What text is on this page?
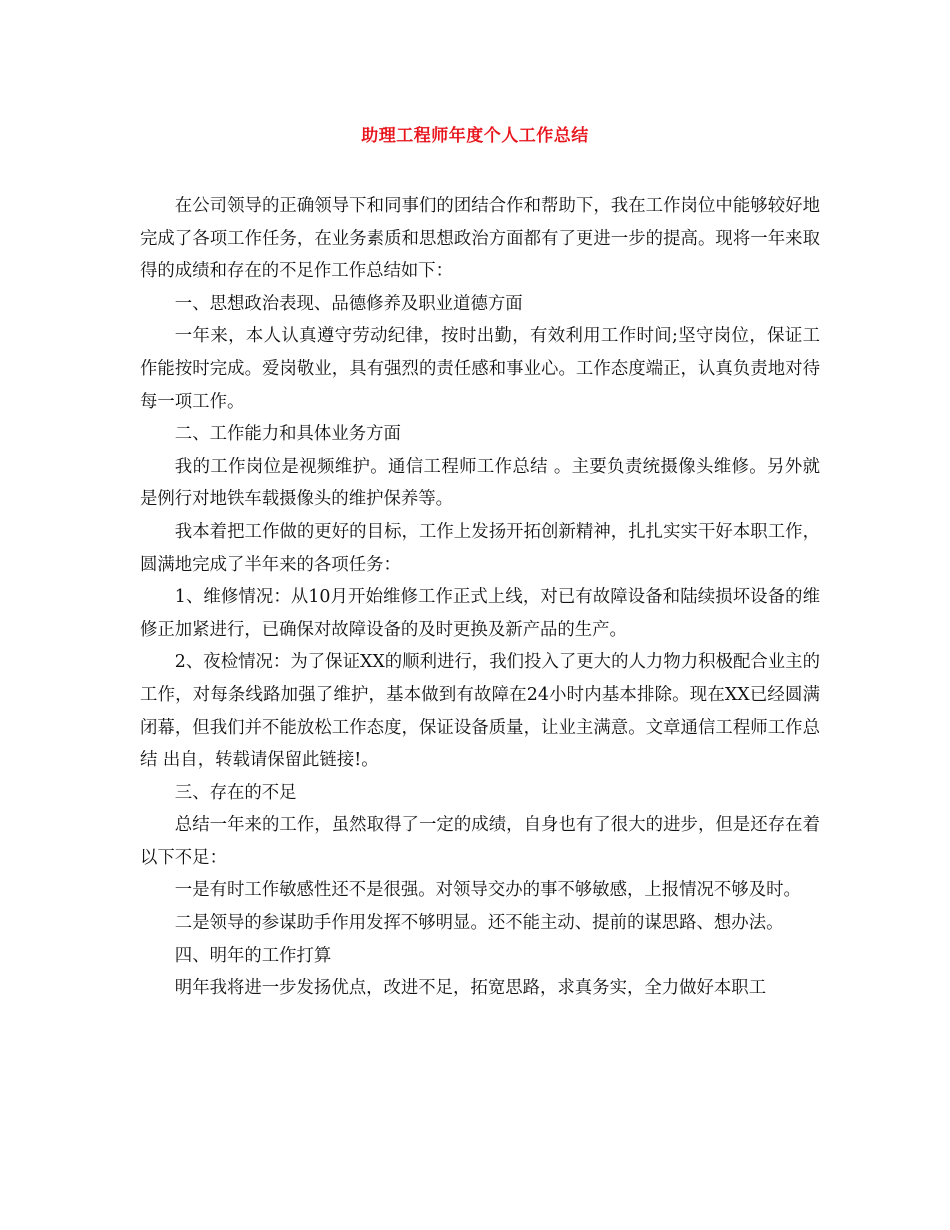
助理工程师年度个人工作总结

在公司领导的正确领导下和同事们的团结合作和帮助下，我在工作岗位中能够较好地完成了各项工作任务，在业务素质和思想政治方面都有了更进一步的提高。现将一年来取得的成绩和存在的不足作工作总结如下：

一、思想政治表现、品德修养及职业道德方面

一年来，本人认真遵守劳动纪律，按时出勤，有效利用工作时间;坚守岗位，保证工作能按时完成。爱岗敬业，具有强烈的责任感和事业心。工作态度端正，认真负责地对待每一项工作。

二、工作能力和具体业务方面

我的工作岗位是视频维护。通信工程师工作总结 。主要负责统摄像头维修。另外就是例行对地铁车载摄像头的维护保养等。

我本着把工作做的更好的目标，工作上发扬开拓创新精神，扎扎实实干好本职工作，圆满地完成了半年来的各项任务：

1、维修情况：从10月开始维修工作正式上线，对已有故障设备和陆续损坏设备的维修正加紧进行，已确保对故障设备的及时更换及新产品的生产。

2、夜检情况：为了保证XX的顺利进行，我们投入了更大的人力物力积极配合业主的工作，对每条线路加强了维护，基本做到有故障在24小时内基本排除。现在XX已经圆满闭幕，但我们并不能放松工作态度，保证设备质量，让业主满意。文章通信工程师工作总结 出自，转载请保留此链接!。

三、存在的不足

总结一年来的工作，虽然取得了一定的成绩，自身也有了很大的进步，但是还存在着以下不足：

一是有时工作敏感性还不是很强。对领导交办的事不够敏感，上报情况不够及时。

二是领导的参谋助手作用发挥不够明显。还不能主动、提前的谋思路、想办法。

四、明年的工作打算

明年我将进一步发扬优点，改进不足，拓宽思路，求真务实，全力做好本职工
